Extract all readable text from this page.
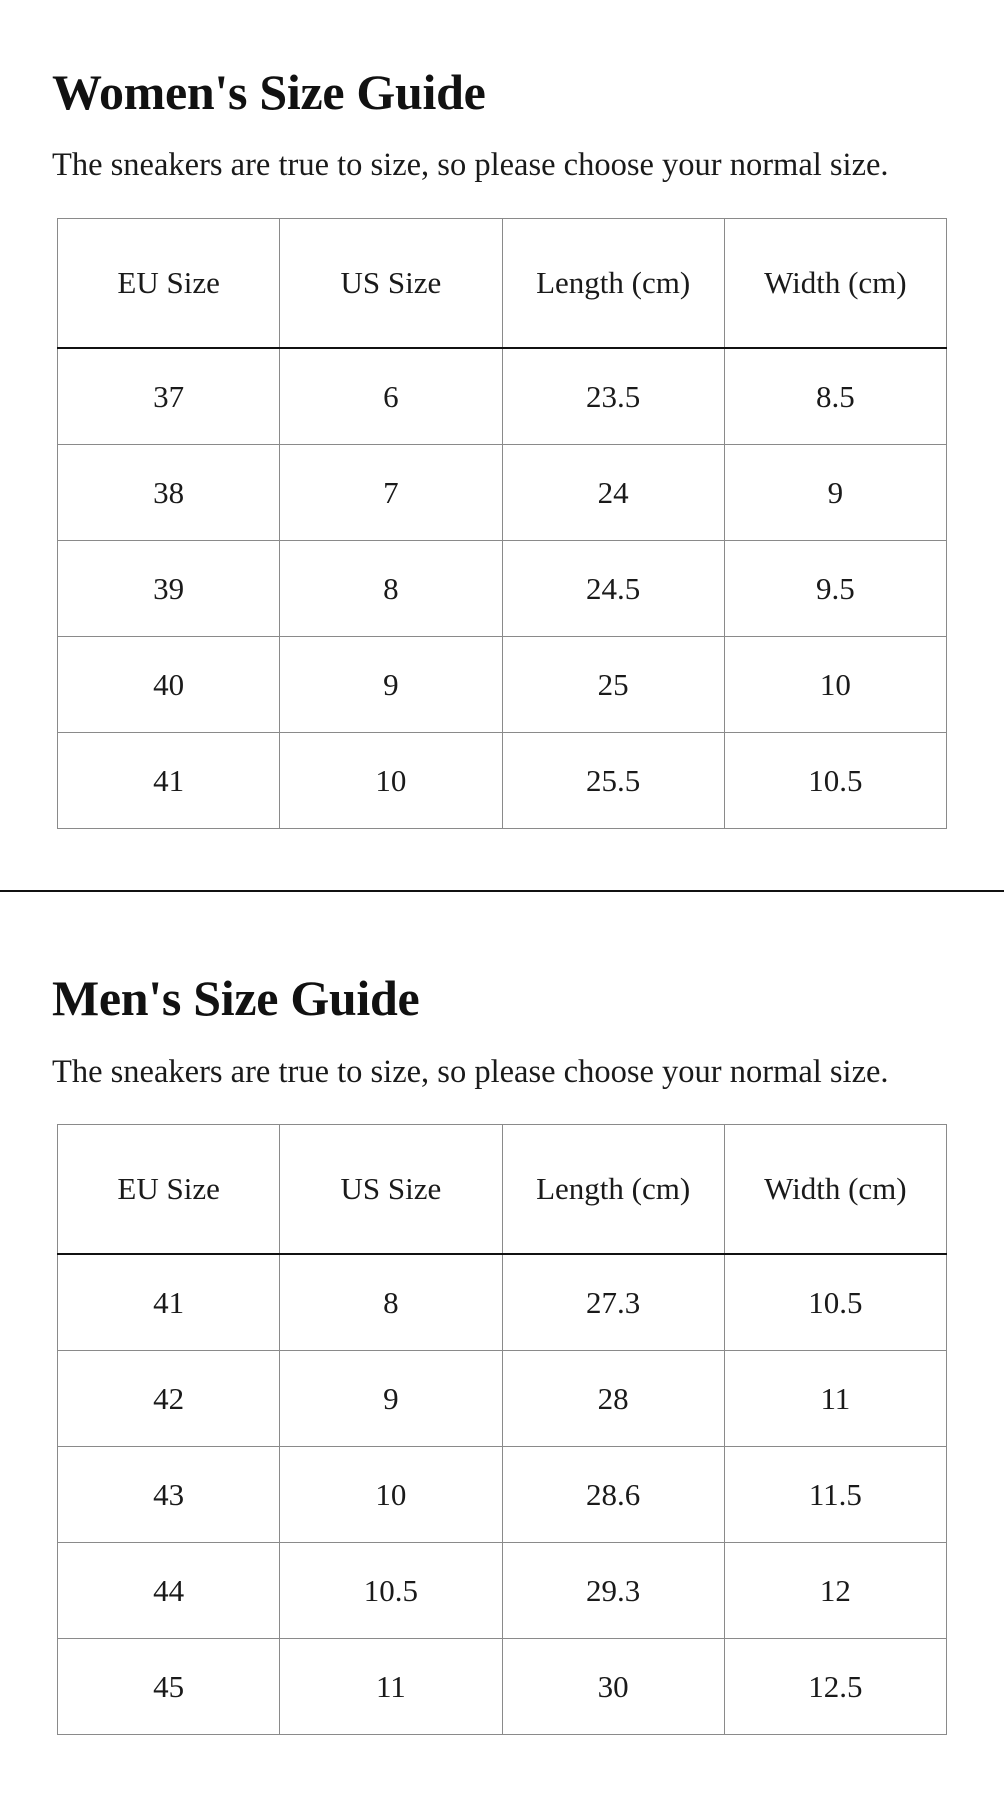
Women's Size Guide

The sneakers are true to size, so please choose your normal size.

EU Size	US Size	Length (cm)	Width (cm)
37	6	23.5	8.5
38	7	24	9
39	8	24.5	9.5
40	9	25	10
41	10	25.5	10.5
Men's Size Guide

The sneakers are true to size, so please choose your normal size.

EU Size	US Size	Length (cm)	Width (cm)
41	8	27.3	10.5
42	9	28	11
43	10	28.6	11.5
44	10.5	29.3	12
45	11	30	12.5
